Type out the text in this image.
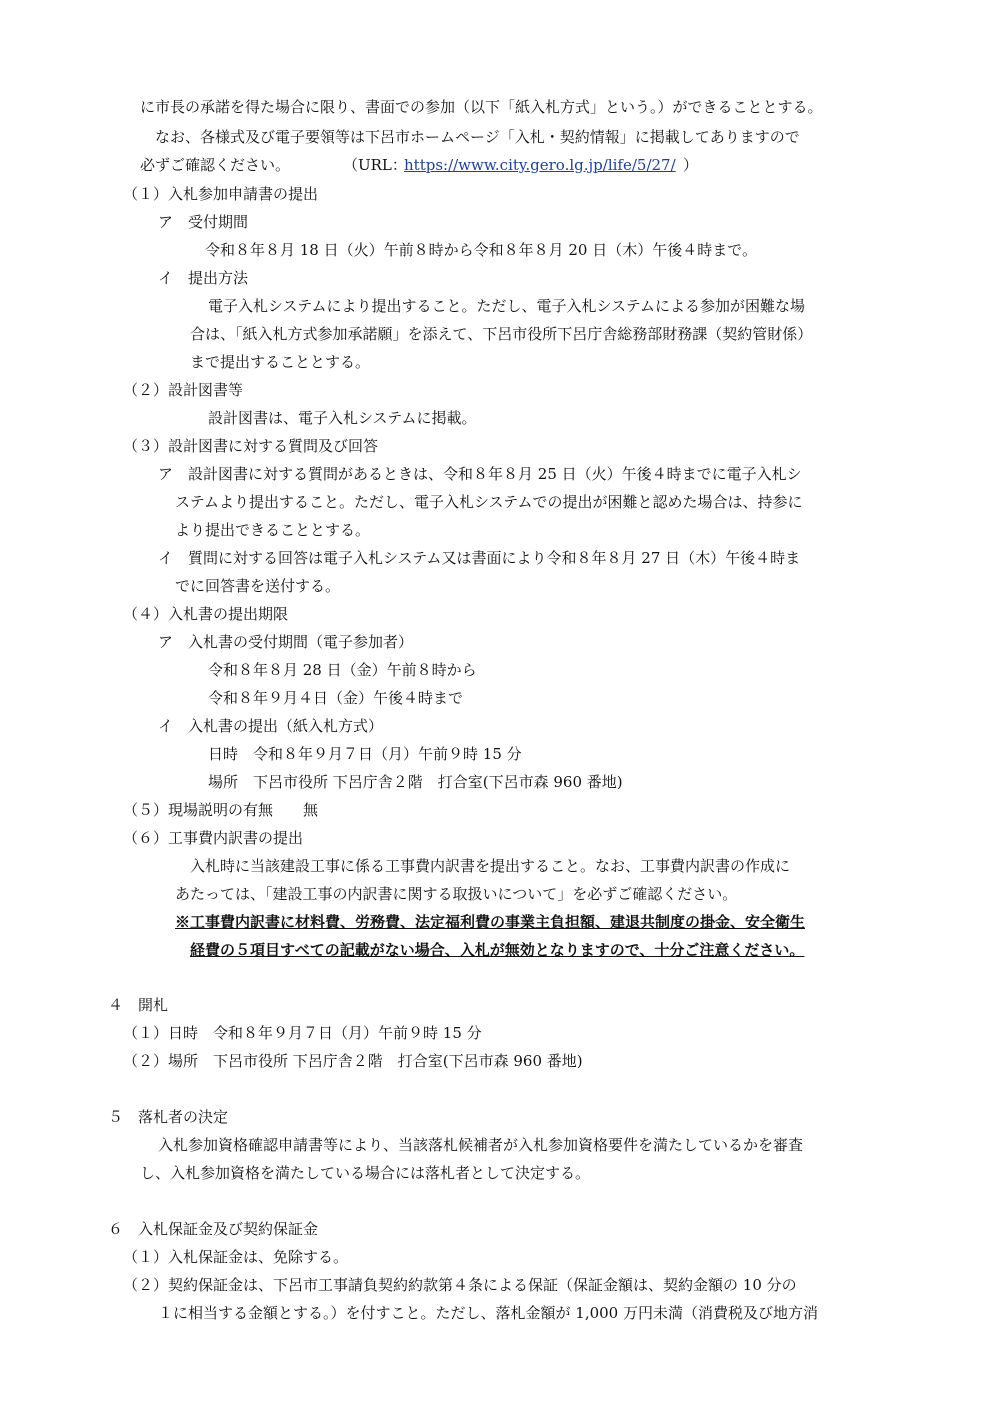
に市長の承諾を得た場合に限り、書面での参加（以下「紙入札方式」という。）ができることとする。
なお、各様式及び電子要領等は下呂市ホームページ「入札・契約情報」に掲載してありますので
必ずご確認ください。	（URL：
https://www.city.gero.lg.jp/life/5/27/ ）
（１）入札参加申請書の提出
ア　受付期間
令和８年８月 18 日（火）午前８時から令和８年８月 20 日（木）午後４時まで。
イ　提出方法
電子入札システムにより提出すること。ただし、電子入札システムによる参加が困難な場
合は、「紙入札方式参加承諾願」を添えて、下呂市役所下呂庁舎総務部財務課（契約管財係）
まで提出することとする。
（２）設計図書等
設計図書は、電子入札システムに掲載。
（３）設計図書に対する質問及び回答
ア　設計図書に対する質問があるときは、令和８年８月 25 日（火）午後４時までに電子入札シ
ステムより提出すること。ただし、電子入札システムでの提出が困難と認めた場合は、持参に
より提出できることとする。
イ　質問に対する回答は電子入札システム又は書面により令和８年８月 27 日（木）午後４時ま
でに回答書を送付する。
（４）入札書の提出期限
ア　入札書の受付期間（電子参加者）
令和８年８月 28 日（金）午前８時から
令和８年９月４日（金）午後４時まで
イ　入札書の提出（紙入札方式）
日時　令和８年９月７日（月）午前９時 15 分
場所　下呂市役所 下呂庁舎２階　打合室(下呂市森 960 番地)
（５）現場説明の有無　　無
（６）工事費内訳書の提出
入札時に当該建設工事に係る工事費内訳書を提出すること。なお、工事費内訳書の作成に
あたっては、「建設工事の内訳書に関する取扱いについて」を必ずご確認ください。
※工事費内訳書に材料費、労務費、法定福利費の事業主負担額、建退共制度の掛金、安全衛生
経費の５項目すべての記載がない場合、入札が無効となりますので、十分ご注意ください。
４　開札
（１）日時　令和８年９月７日（月）午前９時 15 分
（２）場所　下呂市役所 下呂庁舎２階　打合室(下呂市森 960 番地)
５　落札者の決定
入札参加資格確認申請書等により、当該落札候補者が入札参加資格要件を満たしているかを審査
し、入札参加資格を満たしている場合には落札者として決定する。
６　入札保証金及び契約保証金
（１）入札保証金は、免除する。
（２）契約保証金は、下呂市工事請負契約約款第４条による保証（保証金額は、契約金額の 10 分の
１に相当する金額とする。）を付すこと。ただし、落札金額が 1,000 万円未満（消費税及び地方消
